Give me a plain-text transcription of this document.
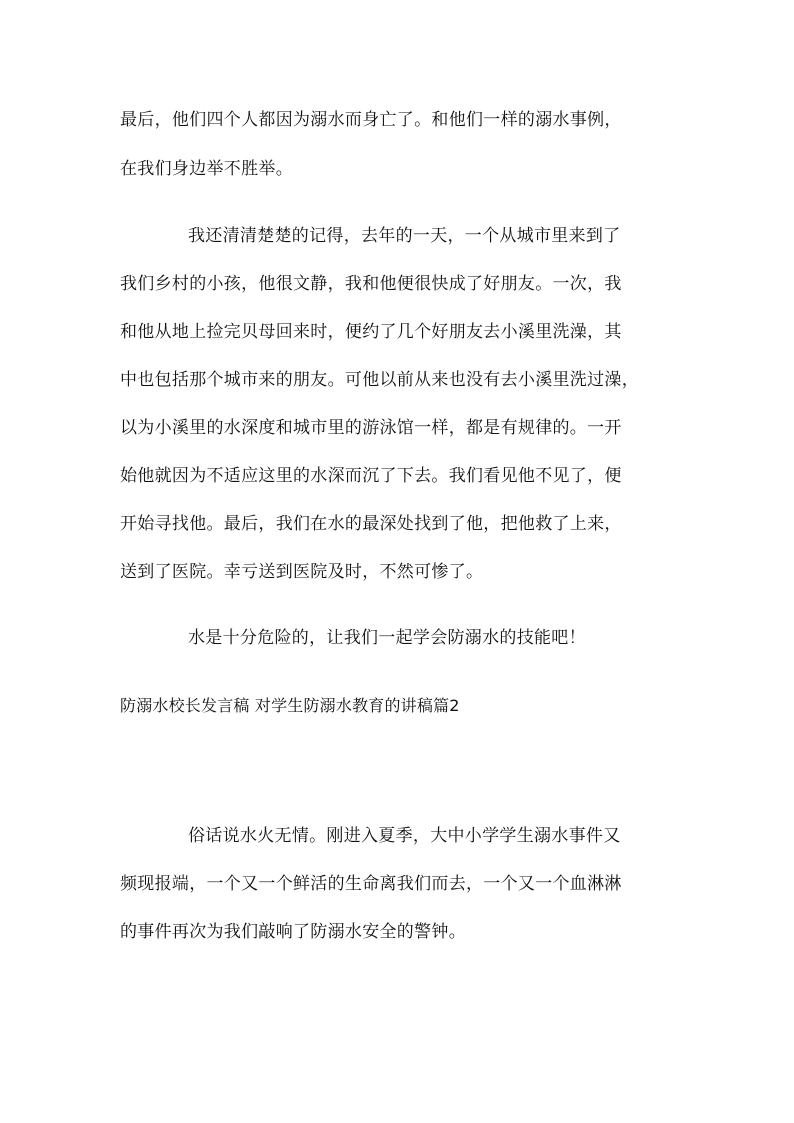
最后，他们四个人都因为溺水而身亡了。和他们一样的溺水事例，
在我们身边举不胜举。
我还清清楚楚的记得，去年的一天，一个从城市里来到了
我们乡村的小孩，他很文静，我和他便很快成了好朋友。一次，我
和他从地上捡完贝母回来时，便约了几个好朋友去小溪里洗澡，其
中也包括那个城市来的朋友。可他以前从来也没有去小溪里洗过澡，
以为小溪里的水深度和城市里的游泳馆一样，都是有规律的。一开
始他就因为不适应这里的水深而沉了下去。我们看见他不见了，便
开始寻找他。最后，我们在水的最深处找到了他，把他救了上来，
送到了医院。幸亏送到医院及时，不然可惨了。
水是十分危险的，让我们一起学会防溺水的技能吧！
防溺水校长发言稿 对学生防溺水教育的讲稿篇2
俗话说水火无情。刚进入夏季，大中小学学生溺水事件又
频现报端，一个又一个鲜活的生命离我们而去，一个又一个血淋淋
的事件再次为我们敲响了防溺水安全的警钟。
